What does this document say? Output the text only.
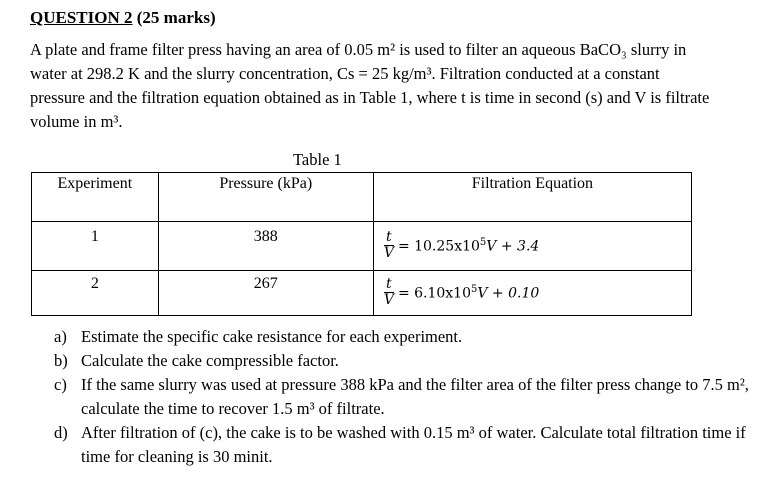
QUESTION 2 (25 marks)

A plate and frame filter press having an area of 0.05 m² is used to filter an aqueous BaCO₃ slurry in

water at 298.2 K and the slurry concentration, Cs = 25 kg/m³. Filtration conducted at a constant

pressure and the filtration equation obtained as in Table 1, where t is time in second (s) and V is filtrate

volume in m³.

Table 1
Experiment	Pressure (kPa)	Filtration Equation
1	388	$\frac{t}{V} = 10.25x10^5V + 3.4$

2	267	$\frac{t}{V} = 6.10x10^5V + 0.10$
a) Estimate the specific cake resistance for each experiment.
b) Calculate the cake compressible factor.
c) If the same slurry was used at pressure 388 kPa and the filter area of the filter press change to 7.5 m², calculate the time to recover 1.5 m³ of filtrate.
d) After filtration of (c), the cake is to be washed with 0.15 m³ of water. Calculate total filtration time if time for cleaning is 30 minit.
